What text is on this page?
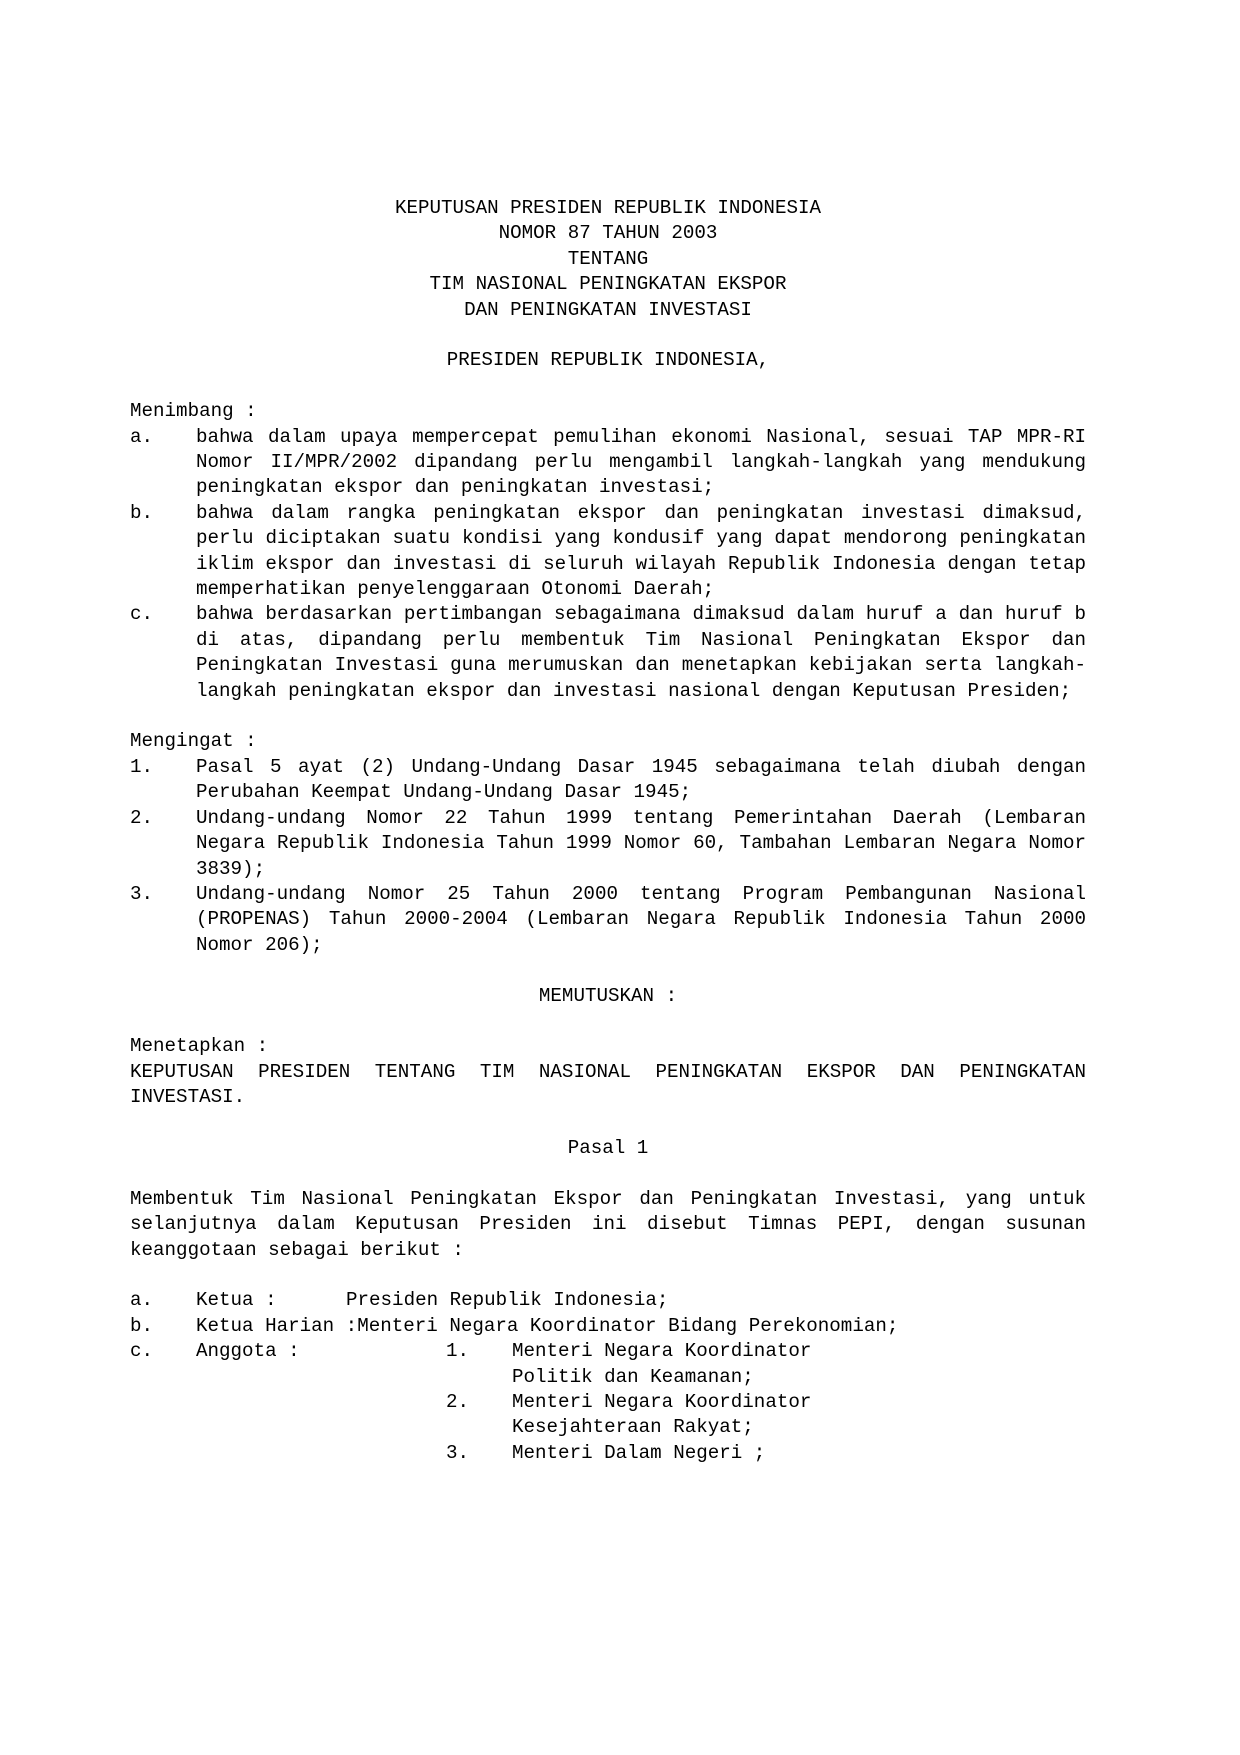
KEPUTUSAN PRESIDEN REPUBLIK INDONESIA
NOMOR 87 TAHUN 2003
TENTANG
TIM NASIONAL PENINGKATAN EKSPOR
DAN PENINGKATAN INVESTASI
PRESIDEN REPUBLIK INDONESIA,
Menimbang :
a.	bahwa dalam upaya mempercepat pemulihan ekonomi Nasional, sesuai TAP MPR-RI Nomor II/MPR/2002 dipandang perlu mengambil langkah-langkah yang mendukung peningkatan ekspor dan peningkatan investasi;
b.	bahwa dalam rangka peningkatan ekspor dan peningkatan investasi dimaksud, perlu diciptakan suatu kondisi yang kondusif yang dapat mendorong peningkatan iklim ekspor dan investasi di seluruh wilayah Republik Indonesia dengan tetap memperhatikan penyelenggaraan Otonomi Daerah;
c.	bahwa berdasarkan pertimbangan sebagaimana dimaksud dalam huruf a dan huruf b di atas, dipandang perlu membentuk Tim Nasional Peningkatan Ekspor dan Peningkatan Investasi guna merumuskan dan menetapkan kebijakan serta langkah-langkah peningkatan ekspor dan investasi nasional dengan Keputusan Presiden;
Mengingat :
1.	Pasal 5 ayat (2) Undang-Undang Dasar 1945 sebagaimana telah diubah dengan Perubahan Keempat Undang-Undang Dasar 1945;
2.	Undang-undang Nomor 22 Tahun 1999 tentang Pemerintahan Daerah (Lembaran Negara Republik Indonesia Tahun 1999 Nomor 60, Tambahan Lembaran Negara Nomor 3839);
3.	Undang-undang Nomor 25 Tahun 2000 tentang Program Pembangunan Nasional (PROPENAS) Tahun 2000-2004 (Lembaran Negara Republik Indonesia Tahun 2000 Nomor 206);
MEMUTUSKAN :
Menetapkan :
KEPUTUSAN PRESIDEN TENTANG TIM NASIONAL PENINGKATAN EKSPOR DAN PENINGKATAN INVESTASI.
Pasal 1
Membentuk Tim Nasional Peningkatan Ekspor dan Peningkatan Investasi, yang untuk selanjutnya dalam Keputusan Presiden ini disebut Timnas PEPI, dengan susunan keanggotaan sebagai berikut :
a.	Ketua :	Presiden Republik Indonesia;
b.	Ketua Harian : Menteri Negara Koordinator Bidang Perekonomian;
c.	Anggota :	1.	Menteri Negara Koordinator
Politik dan Keamanan;
2.	Menteri Negara Koordinator
Kesejahteraan Rakyat;
3.	Menteri Dalam Negeri ;
